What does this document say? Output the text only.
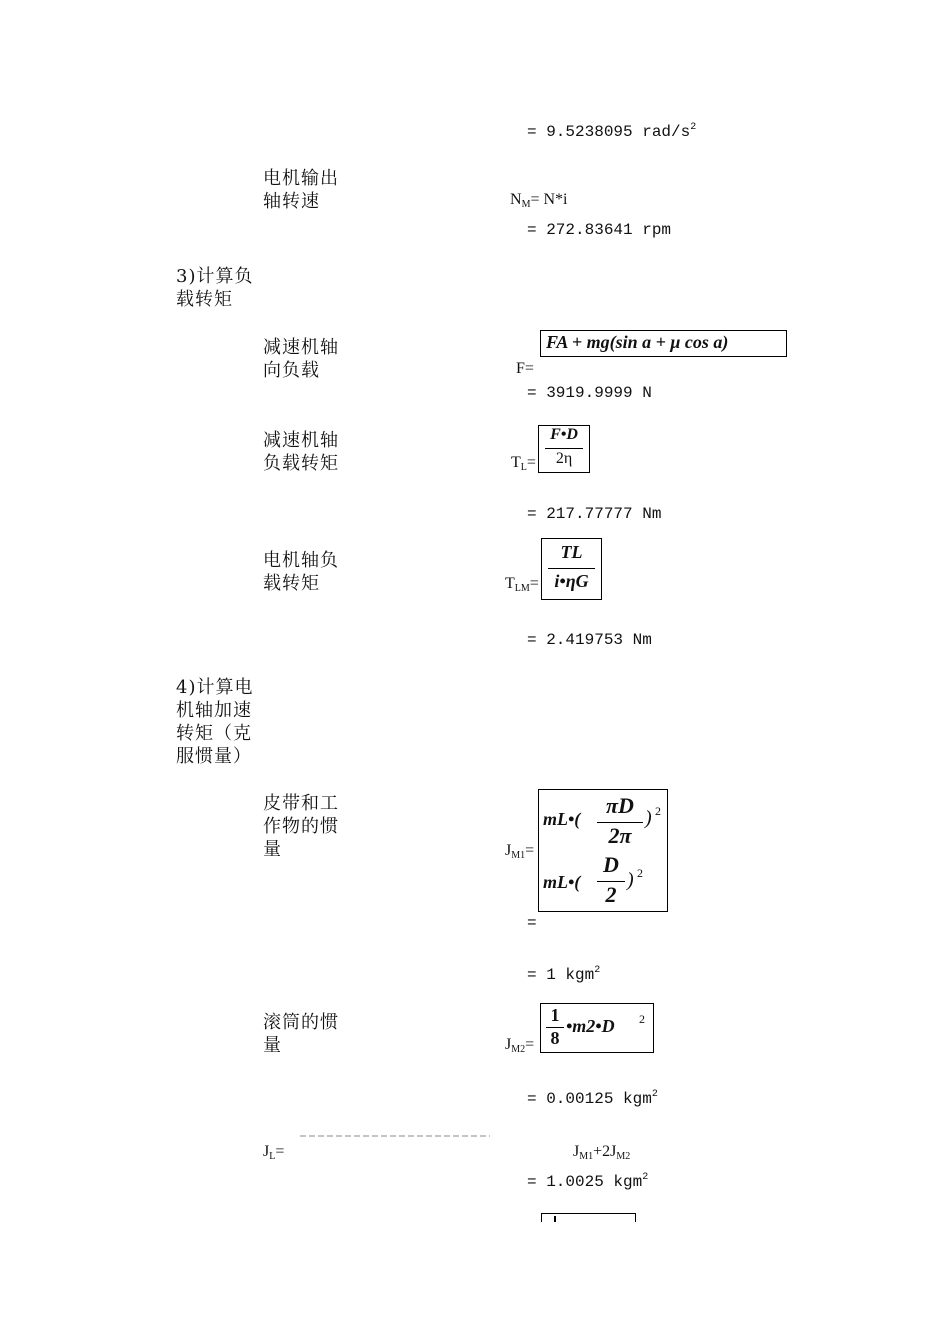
= 9.5238095 rad/$s^2$
电机输出轴转速	$N_M= N*i$
= 272.83641 rpm
3)计算负载转矩
减速机轴向负载
FA + mg(sin a + μ cos a)
F=
= 3919.9999 N
减速机轴负载转矩	$T_L=$
F•D
2η
= 217.77777 Nm
电机轴负载转矩	$T_{LM}=$
TL
i•ηG
= 2.419753 Nm
4)计算电机轴加速转矩（克服惯量）
皮带和工作物的惯量	$J_{M1}=$
mL•(
πD
2π
) 2
mL•(
D
2
) 2
=
= 1 kgm$^2$
滚筒的惯量	$J_{M2}=$
1
8
•m2•D 2
= 0.00125 kgm$^2$
$J_L=$	$J_{M1}+2J_{M2}$
= 1.0025 kgm$^2$
